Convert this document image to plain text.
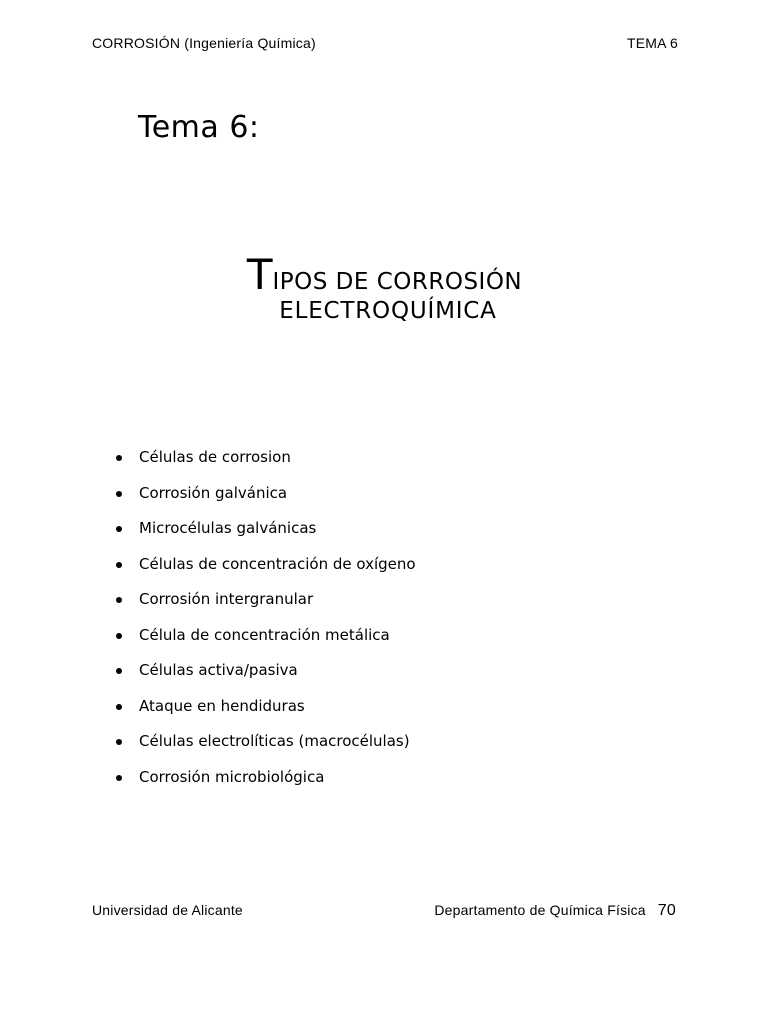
CORROSIÓN (Ingeniería Química)	TEMA 6
Tema 6:
TIPOS DE CORROSIÓN
ELECTROQUÍMICA
Células de corrosion
Corrosión galvánica
Microcélulas galvánicas
Células de concentración de oxígeno
Corrosión intergranular
Célula de concentración metálica
Células activa/pasiva
Ataque en hendiduras
Células electrolíticas (macrocélulas)
Corrosión microbiológica
Universidad de Alicante	Departamento de Química Física 70
